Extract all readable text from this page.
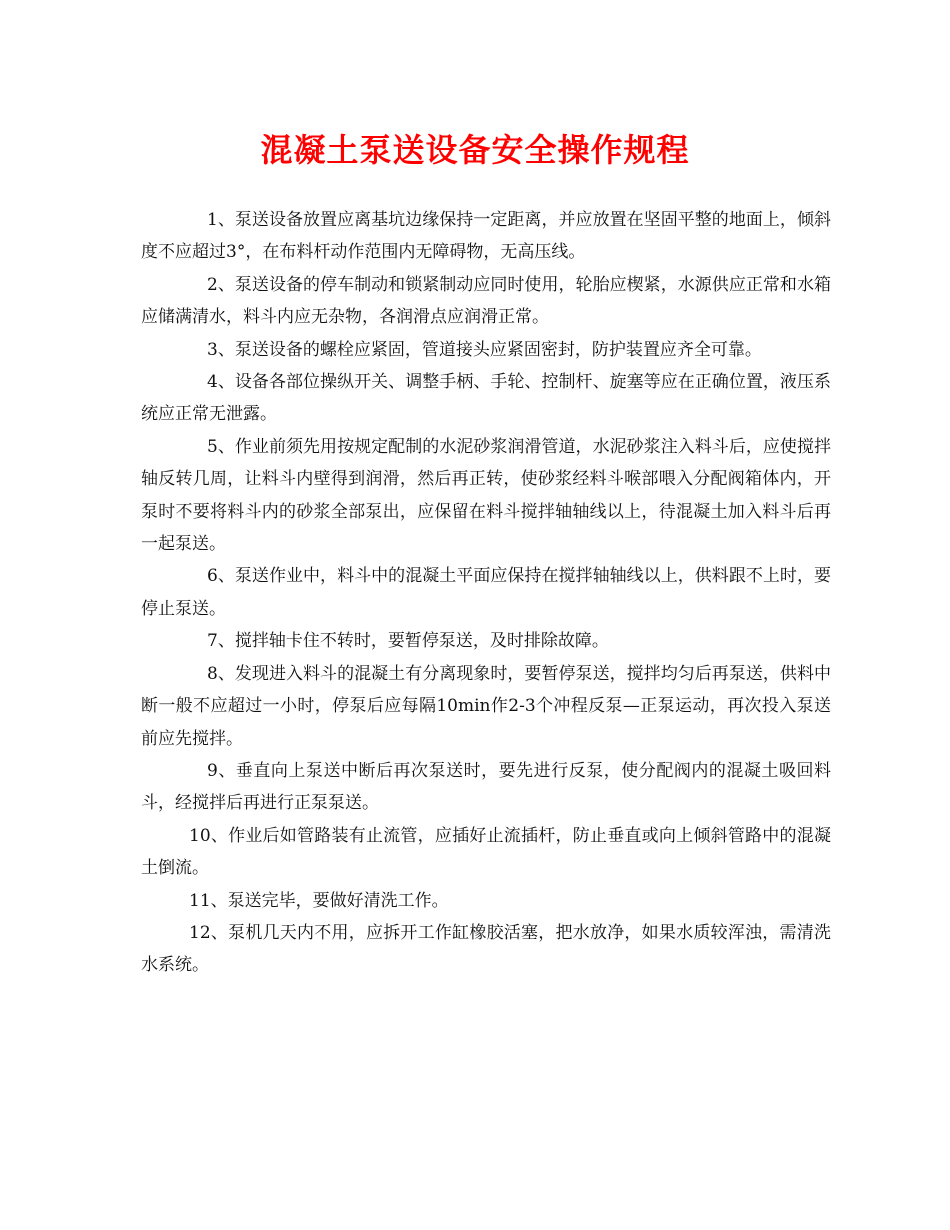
混凝土泵送设备安全操作规程

1、泵送设备放置应离基坑边缘保持一定距离，并应放置在坚固平整的地面上，倾斜度不应超过3°，在布料杆动作范围内无障碍物，无高压线。

2、泵送设备的停车制动和锁紧制动应同时使用，轮胎应楔紧，水源供应正常和水箱应储满清水，料斗内应无杂物，各润滑点应润滑正常。

3、泵送设备的螺栓应紧固，管道接头应紧固密封，防护装置应齐全可靠。

4、设备各部位操纵开关、调整手柄、手轮、控制杆、旋塞等应在正确位置，液压系统应正常无泄露。

5、作业前须先用按规定配制的水泥砂浆润滑管道，水泥砂浆注入料斗后，应使搅拌轴反转几周，让料斗内壁得到润滑，然后再正转，使砂浆经料斗喉部喂入分配阀箱体内，开泵时不要将料斗内的砂浆全部泵出，应保留在料斗搅拌轴轴线以上，待混凝土加入料斗后再一起泵送。

6、泵送作业中，料斗中的混凝土平面应保持在搅拌轴轴线以上，供料跟不上时，要停止泵送。

7、搅拌轴卡住不转时，要暂停泵送，及时排除故障。

8、发现进入料斗的混凝土有分离现象时，要暂停泵送，搅拌均匀后再泵送，供料中断一般不应超过一小时，停泵后应每隔10min作2-3个冲程反泵—正泵运动，再次投入泵送前应先搅拌。

9、垂直向上泵送中断后再次泵送时，要先进行反泵，使分配阀内的混凝土吸回料斗，经搅拌后再进行正泵泵送。

10、作业后如管路装有止流管，应插好止流插杆，防止垂直或向上倾斜管路中的混凝土倒流。

11、泵送完毕，要做好清洗工作。

12、泵机几天内不用，应拆开工作缸橡胶活塞，把水放净，如果水质较浑浊，需清洗水系统。
